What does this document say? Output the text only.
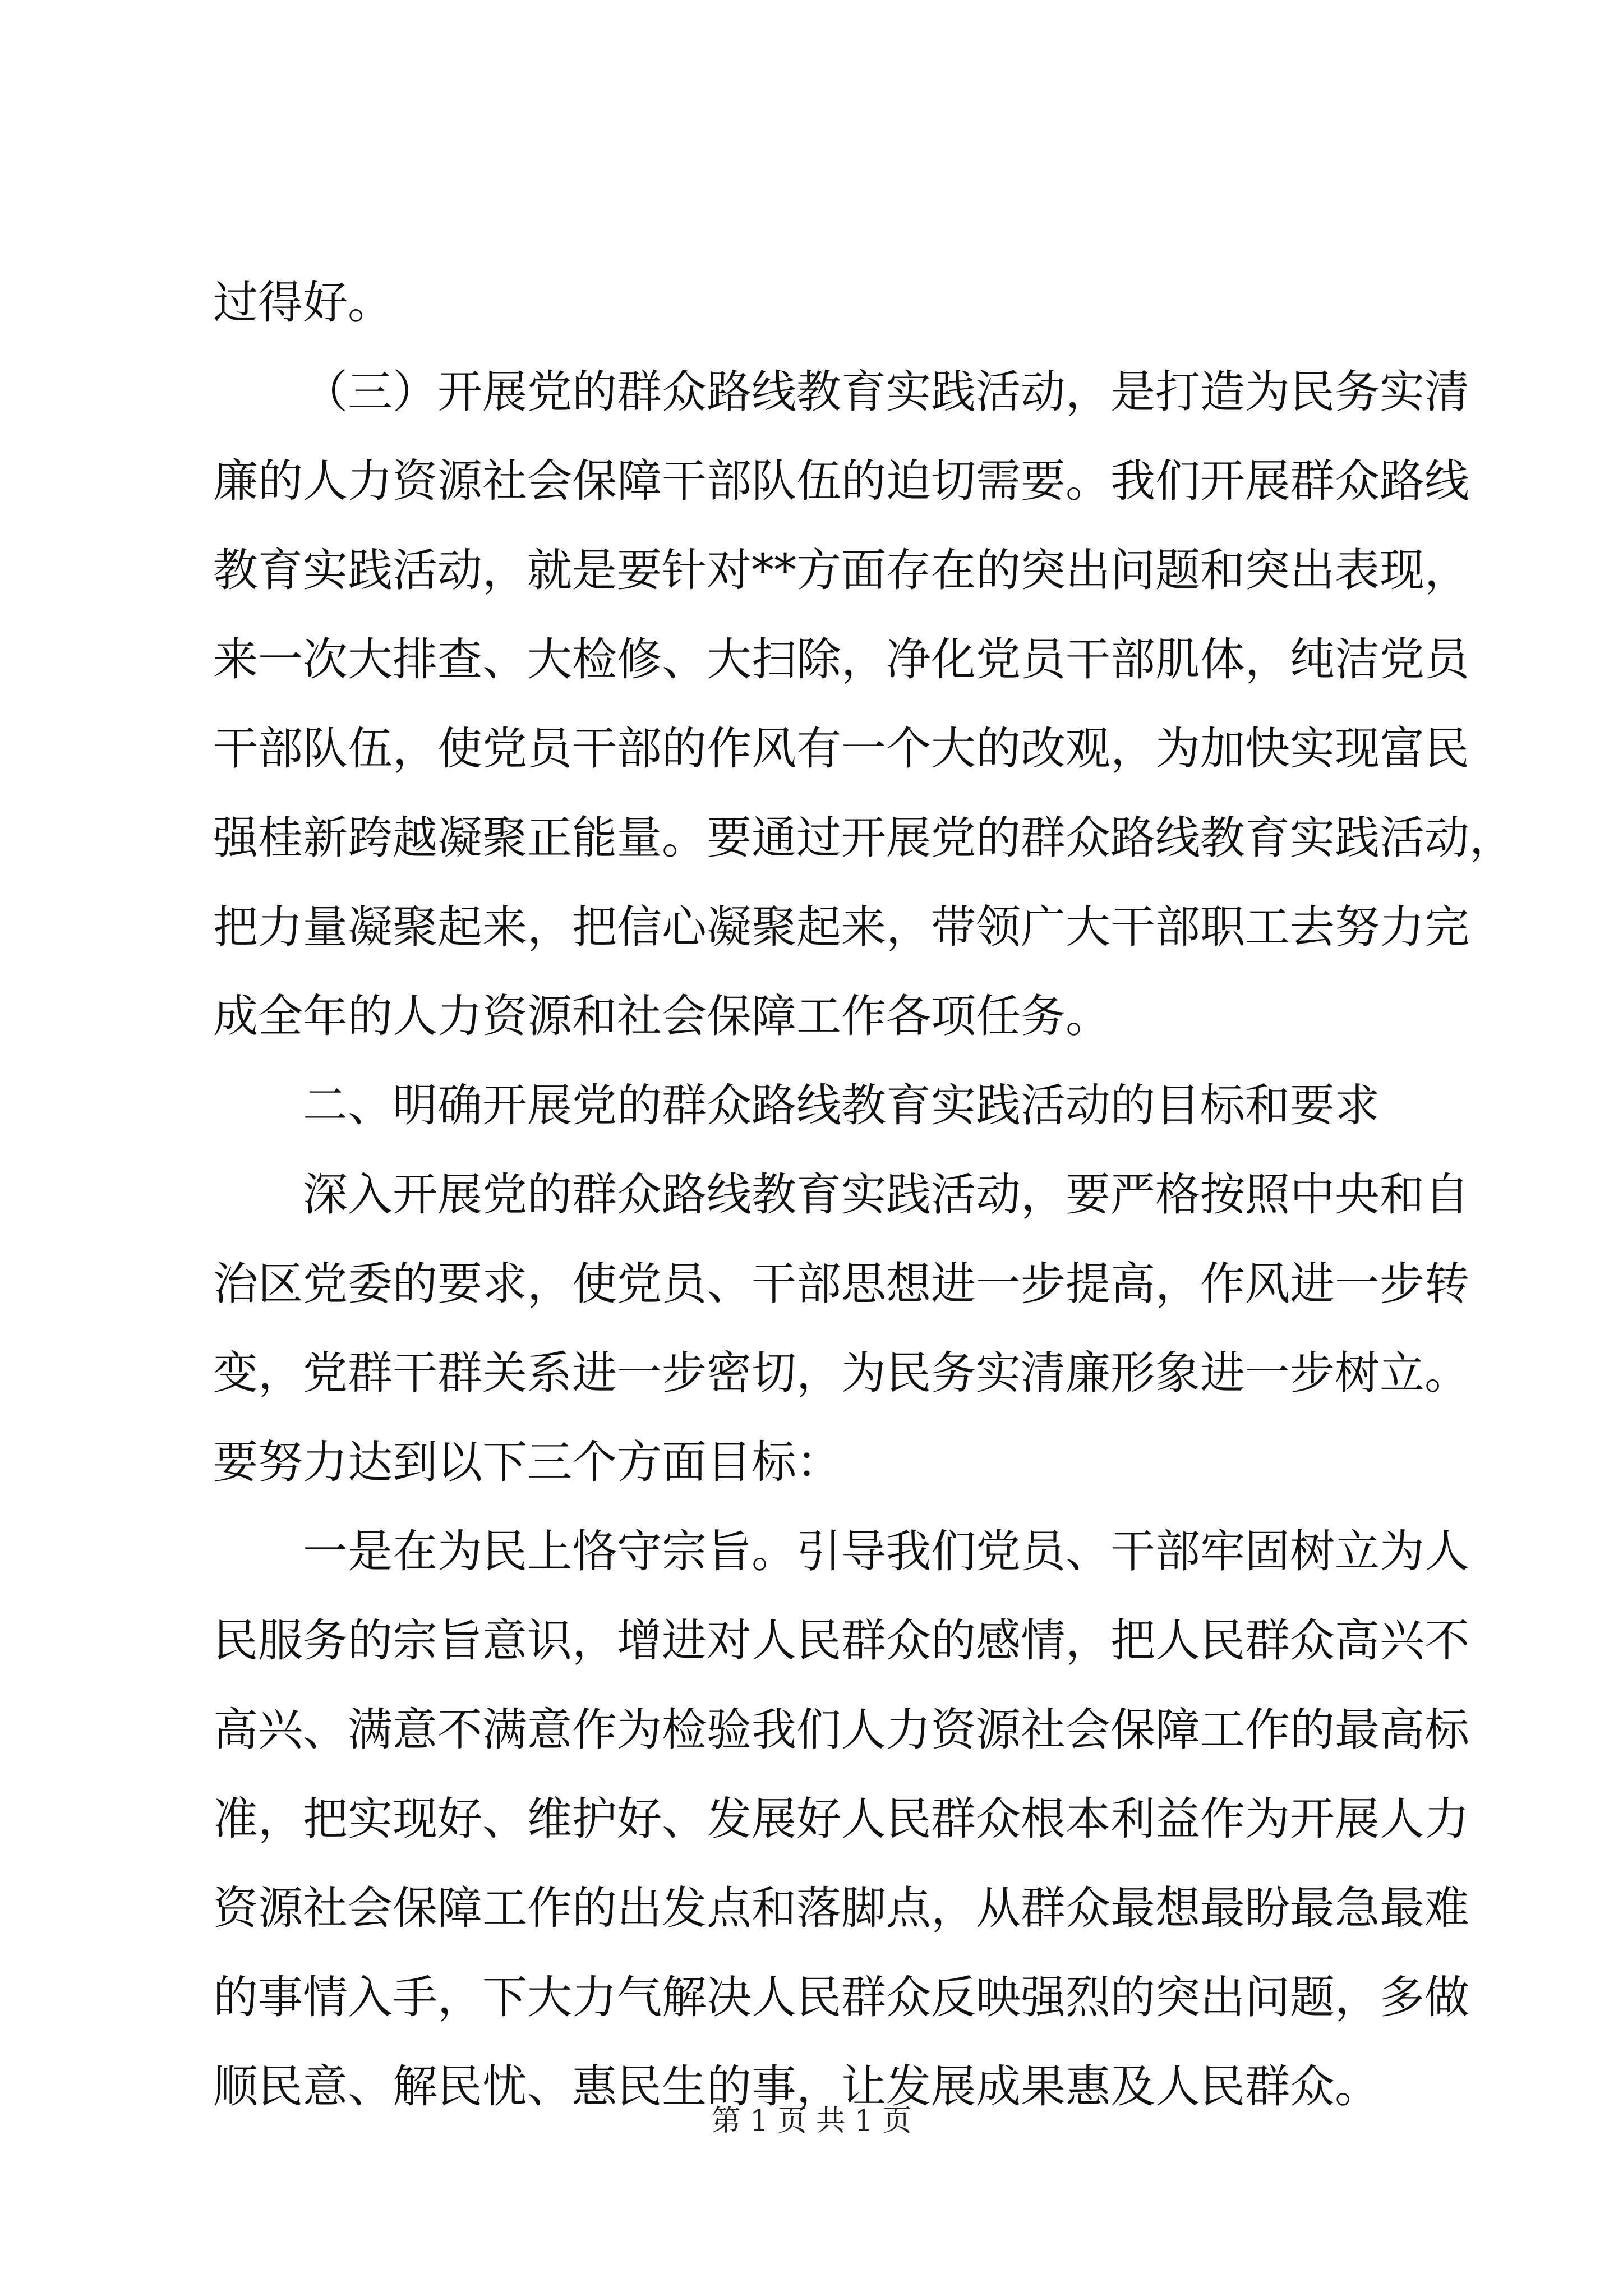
过得好。
（三）开展党的群众路线教育实践活动，是打造为民务实清
廉的人力资源社会保障干部队伍的迫切需要。我们开展群众路线
教育实践活动，就是要针对**方面存在的突出问题和突出表现，
来一次大排查、大检修、大扫除，净化党员干部肌体，纯洁党员
干部队伍，使党员干部的作风有一个大的改观，为加快实现富民
强桂新跨越凝聚正能量。要通过开展党的群众路线教育实践活动，
把力量凝聚起来，把信心凝聚起来，带领广大干部职工去努力完
成全年的人力资源和社会保障工作各项任务。
二、明确开展党的群众路线教育实践活动的目标和要求
深入开展党的群众路线教育实践活动，要严格按照中央和自
治区党委的要求，使党员、干部思想进一步提高，作风进一步转
变，党群干群关系进一步密切，为民务实清廉形象进一步树立。
要努力达到以下三个方面目标：
一是在为民上恪守宗旨。引导我们党员、干部牢固树立为人
民服务的宗旨意识，增进对人民群众的感情，把人民群众高兴不
高兴、满意不满意作为检验我们人力资源社会保障工作的最高标
准，把实现好、维护好、发展好人民群众根本利益作为开展人力
资源社会保障工作的出发点和落脚点，从群众最想最盼最急最难
的事情入手，下大力气解决人民群众反映强烈的突出问题，多做
顺民意、解民忧、惠民生的事，让发展成果惠及人民群众。
第 1 页 共 1 页
